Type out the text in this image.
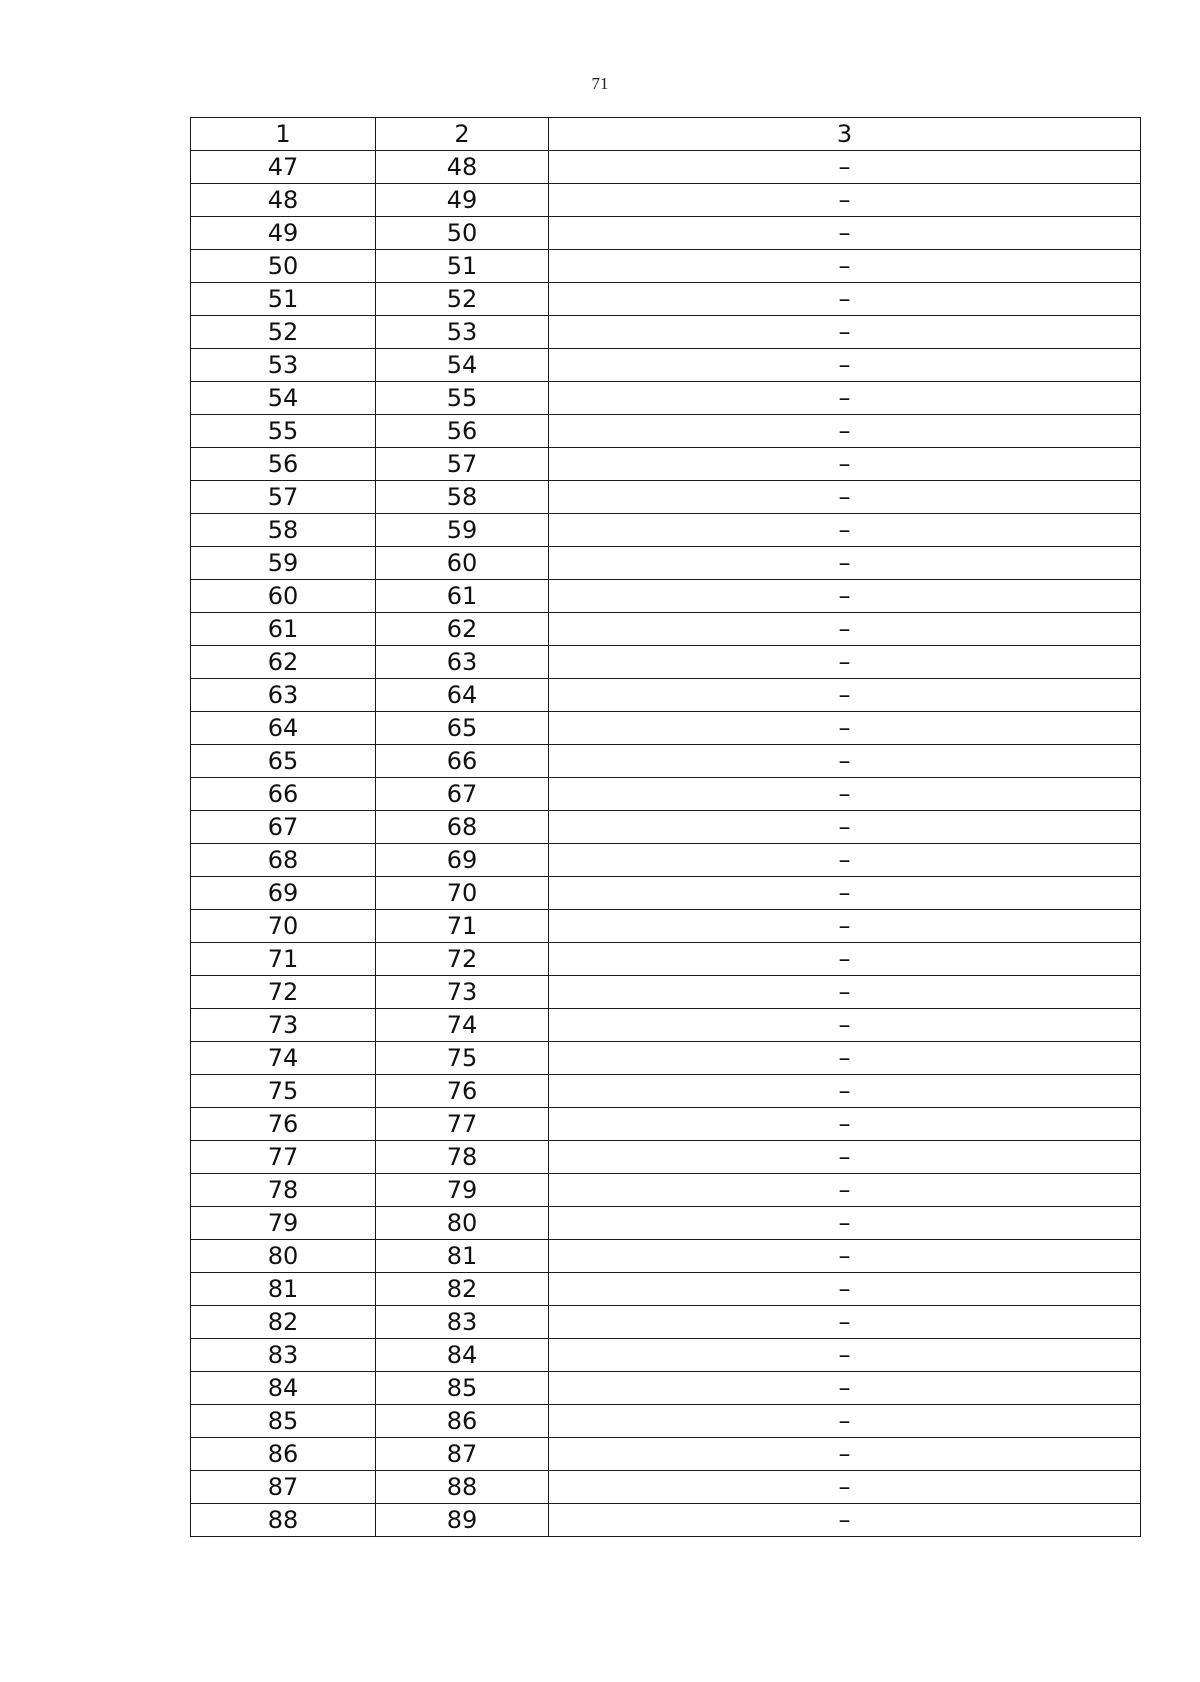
71
1	2	3
47	48	–
48	49	–
49	50	–
50	51	–
51	52	–
52	53	–
53	54	–
54	55	–
55	56	–
56	57	–
57	58	–
58	59	–
59	60	–
60	61	–
61	62	–
62	63	–
63	64	–
64	65	–
65	66	–
66	67	–
67	68	–
68	69	–
69	70	–
70	71	–
71	72	–
72	73	–
73	74	–
74	75	–
75	76	–
76	77	–
77	78	–
78	79	–
79	80	–
80	81	–
81	82	–
82	83	–
83	84	–
84	85	–
85	86	–
86	87	–
87	88	–
88	89	–
